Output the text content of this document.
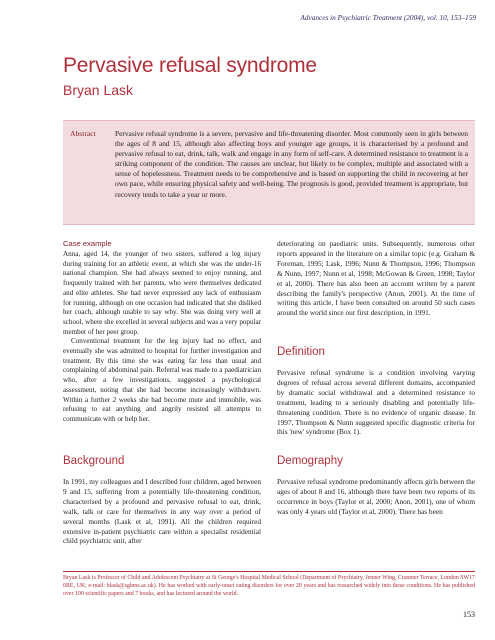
Advances in Psychiatric Treatment (2004), vol. 10, 153–159
Pervasive refusal syndrome
Bryan Lask
Abstract	Pervasive refusal syndrome is a severe, pervasive and life-threatening disorder. Most commonly seen in girls between the ages of 8 and 15, although also affecting boys and younger age groups, it is characterised by a profound and pervasive refusal to eat, drink, talk, walk and engage in any form of self-care. A determined resistance to treatment is a striking component of the condition. The causes are unclear, but likely to be complex, multiple and associated with a sense of hopelessness. Treatment needs to be comprehensive and is based on supporting the child in recovering at her own pace, while ensuring physical safety and well-being. The prognosis is good, provided treatment is appropriate, but recovery tends to take a year or more.
Case example

Anna, aged 14, the younger of two sisters, suffered a leg injury during training for an athletic event, at which she was the under-16 national champion. She had always seemed to enjoy running, and frequently trained with her parents, who were themselves dedicated and elite athletes. She had never expressed any lack of enthusiasm for running, although on one occasion had indicated that she disliked her coach, although unable to say why. She was doing very well at school, where she excelled in several subjects and was a very popular member of her peer group.

Conventional treatment for the leg injury had no effect, and eventually she was admitted to hospital for further investigation and treatment. By this time she was eating far less than usual and complaining of abdominal pain. Referral was made to a paediatrician who, after a few investigations, suggested a psychological assessment, noting that she had become increasingly withdrawn. Within a further 2 weeks she had become mute and immobile, was refusing to eat anything and angrily resisted all attempts to communicate with or help her.

Background
In 1991, my colleagues and I described four children, aged between 9 and 15, suffering from a potentially life-threatening condition, characterised by a profound and pervasive refusal to eat, drink, walk, talk or care for themselves in any way over a period of several months (Lask et al, 1991). All the children required extensive in-patient psychiatric care within a specialist residential child psychiatric unit, after
deteriorating on paediatric units. Subsequently, numerous other reports appeared in the literature on a similar topic (e.g. Graham & Foreman, 1995; Lask, 1996; Nunn & Thompson, 1996; Thompson & Nunn, 1997; Nunn et al, 1998; McGowan & Green, 1998; Taylor et al, 2000). There has also been an account written by a parent describing the family's perspective (Anon, 2001). At the time of writing this article, I have been consulted on around 50 such cases around the world since our first description, in 1991.
Definition
Pervasive refusal syndrome is a condition involving varying degrees of refusal across several different domains, accompanied by dramatic social withdrawal and a determined resistance to treatment, leading to a seriously disabling and potentially life-threatening condition. There is no evidence of organic disease. In 1997, Thompson & Nunn suggested specific diagnostic criteria for this 'new' syndrome (Box 1).
Demography
Pervasive refusal syndrome predominantly affects girls between the ages of about 8 and 16, although there have been two reports of its occurrence in boys (Taylor et al, 2000; Anon, 2001), one of whom was only 4 years old (Taylor et al, 2000). There has been
Bryan Lask is Professor of Child and Adolescent Psychiatry at St George's Hospital Medical School (Department of Psychiatry, Jenner Wing, Cranmer Terrace, London SW17 0RE, UK; e-mail: blask@sghms.ac.uk). He has worked with early-onset eating disorders for over 20 years and has researched widely into these conditions. He has published over 100 scientific papers and 7 books, and has lectured around the world.
153
